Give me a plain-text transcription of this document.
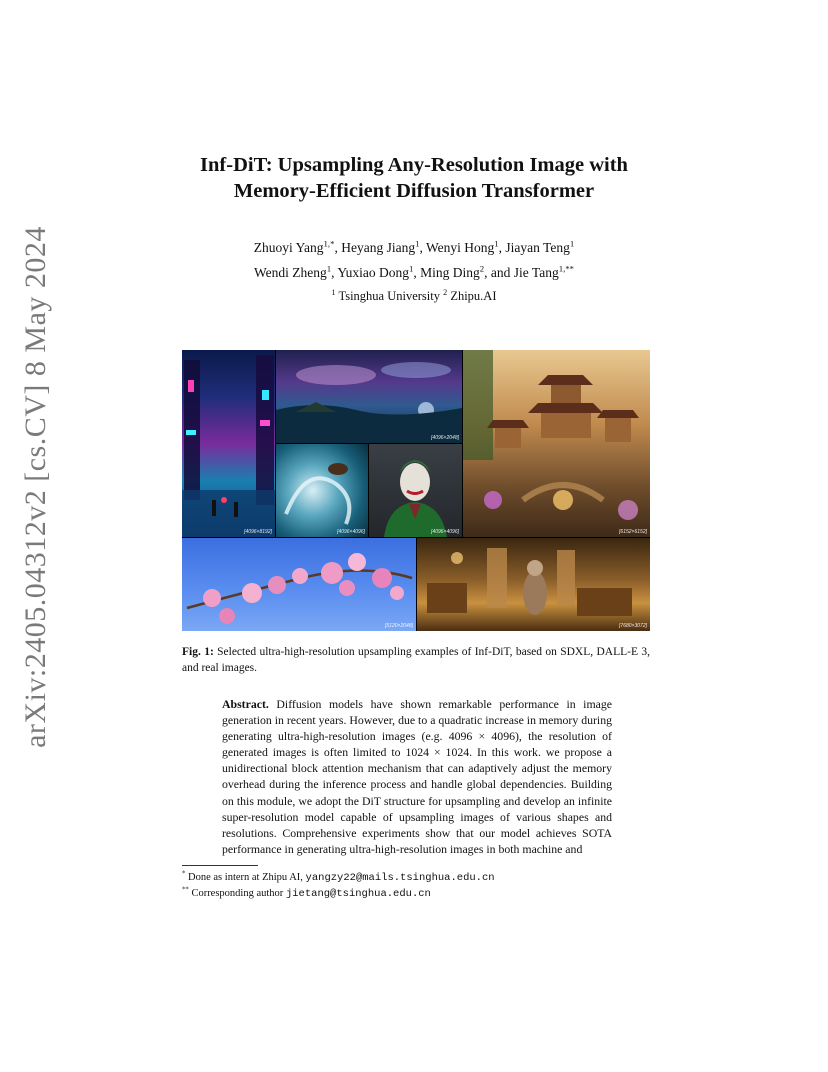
arXiv:2405.04312v2 [cs.CV] 8 May 2024
Inf-DiT: Upsampling Any-Resolution Image with
Memory-Efficient Diffusion Transformer
Zhuoyi Yang$^{1,*}$, Heyang Jiang$^1$, Wenyi Hong$^1$, Jiayan Teng$^1$
Wendi Zheng$^1$, Yuxiao Dong$^1$, Ming Ding$^2$, and Jie Tang$^{1,**}$
$^1$ Tsinghua University $^2$ Zhipu.AI
[4096×8192]
[4096×2048]
[6152×6152]
[4096×4096]	[4096×4096]
[5120×2048]	[7680×3072]
Fig. 1: Selected ultra-high-resolution upsampling examples of Inf-DiT, based on SDXL, DALL-E 3, and real images.
Abstract. Diffusion models have shown remarkable performance in image generation in recent years. However, due to a quadratic increase in memory during generating ultra-high-resolution images (e.g. 4096 × 4096), the resolution of generated images is often limited to 1024 × 1024. In this work. we propose a unidirectional block attention mechanism that can adaptively adjust the memory overhead during the inference process and handle global dependencies. Building on this module, we adopt the DiT structure for upsampling and develop an infinite super-resolution model capable of upsampling images of various shapes and resolutions. Comprehensive experiments show that our model achieves SOTA performance in generating ultra-high-resolution images in both machine and
* Done as intern at Zhipu AI, yangzy22@mails.tsinghua.edu.cn
** Corresponding author jietang@tsinghua.edu.cn
